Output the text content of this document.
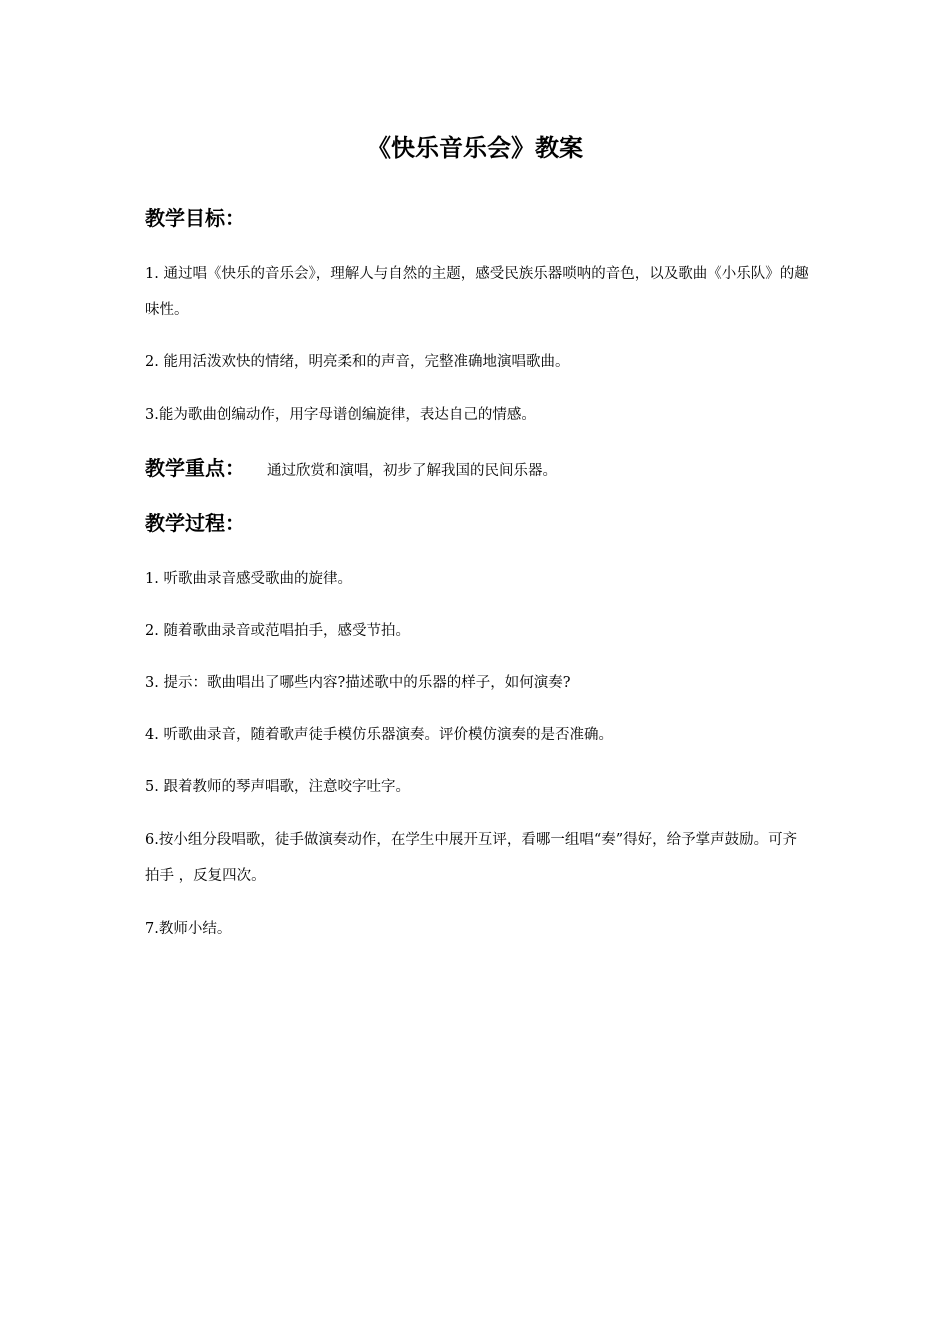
《快乐音乐会》教案
教学目标：

1. 通过唱《快乐的音乐会》，理解人与自然的主题，感受民族乐器唢呐的音色，以及歌曲《小乐队》的趣味性。

2. 能用活泼欢快的情绪，明亮柔和的声音，完整准确地演唱歌曲。

3.能为歌曲创编动作，用字母谱创编旋律，表达自己的情感。

教学重点： 通过欣赏和演唱，初步了解我国的民间乐器。
教学过程：

1. 听歌曲录音感受歌曲的旋律。

2. 随着歌曲录音或范唱拍手，感受节拍。

3. 提示：歌曲唱出了哪些内容?描述歌中的乐器的样子，如何演奏?

4. 听歌曲录音，随着歌声徒手模仿乐器演奏。评价模仿演奏的是否准确。

5. 跟着教师的琴声唱歌，注意咬字吐字。

6.按小组分段唱歌，徒手做演奏动作，在学生中展开互评，看哪一组唱“奏”得好，给予掌声鼓励。可齐拍手 ，反复四次。

7.教师小结。
